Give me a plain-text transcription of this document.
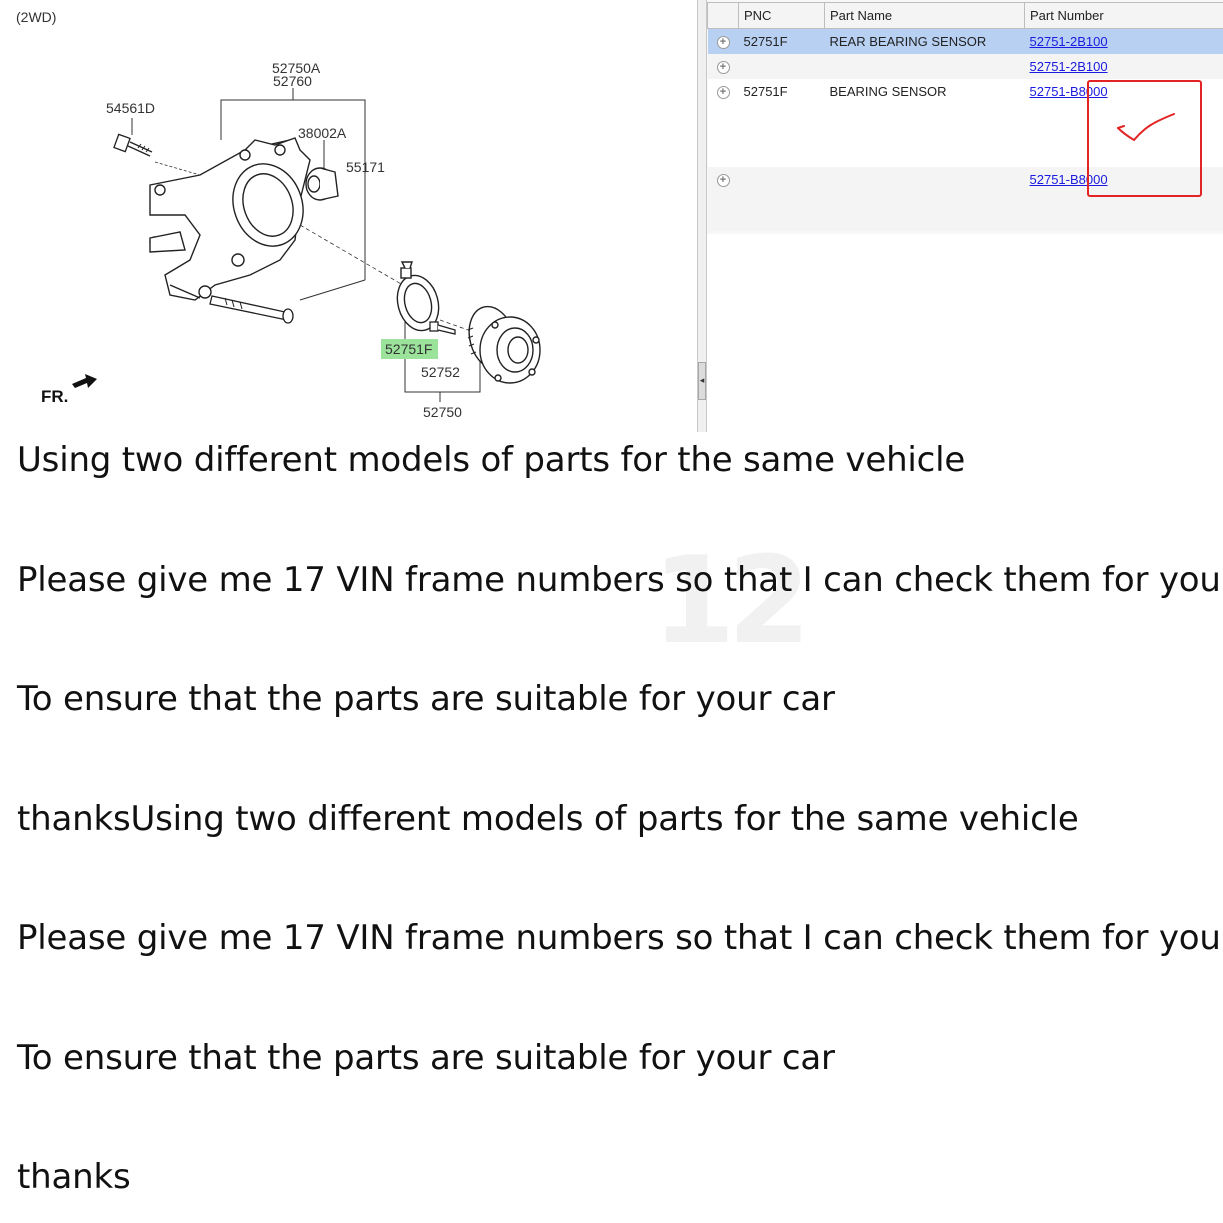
(2WD)
52750A
52760
54561D
38002A
55171
52751F
52752
52750
FR.
◂
	PNC	Part Name	Part Number
+	52751F	REAR BEARING SENSOR	52751-2B100
+			52751-2B100
+	52751F	BEARING SENSOR	52751-B8000
+			52751-B8000
12

Using two different models of parts for the same vehicle

Please give me 17 VIN frame numbers so that I can check them for you

To ensure that the parts are suitable for your car

thanksUsing two different models of parts for the same vehicle

Please give me 17 VIN frame numbers so that I can check them for you

To ensure that the parts are suitable for your car

thanks
